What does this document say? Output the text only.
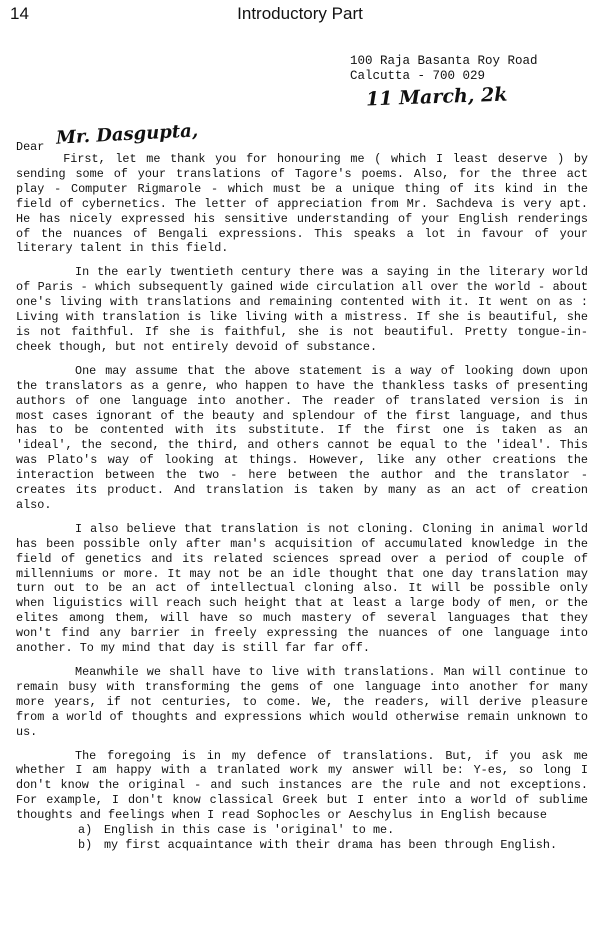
14	Introductory Part
100 Raja Basanta Roy Road
Calcutta - 700 029
11 March, 2k
Dear Mr. Dasgupta,

First, let me thank you for honouring me ( which I least deserve ) by sending some of your translations of Tagore's poems. Also, for the three act play - Computer Rigmarole - which must be a unique thing of its kind in the field of cybernetics. The letter of appreciation from Mr. Sachdeva is very apt. He has nicely expressed his sensitive understanding of your English renderings of the nuances of Bengali expressions. This speaks a lot in favour of your literary talent in this field.

In the early twentieth century there was a saying in the literary world of Paris - which subsequently gained wide circulation all over the world - about one's living with translations and remaining contented with it. It went on as : Living with translation is like living with a mistress. If she is beautiful, she is not faithful. If she is faithful, she is not beautiful. Pretty tongue-in-cheek though, but not entirely devoid of substance.

One may assume that the above statement is a way of looking down upon the translators as a genre, who happen to have the thankless tasks of presenting authors of one language into another. The reader of translated version is in most cases ignorant of the beauty and splendour of the first language, and thus has to be contented with its substitute. If the first one is taken as an 'ideal', the second, the third, and others cannot be equal to the 'ideal'. This was Plato's way of looking at things. However, like any other creations the interaction between the two - here between the author and the translator - creates its product. And translation is taken by many as an act of creation also.

I also believe that translation is not cloning. Cloning in animal world has been possible only after man's acquisition of accumulated knowledge in the field of genetics and its related sciences spread over a period of couple of millenniums or more. It may not be an idle thought that one day translation may turn out to be an act of intellectual cloning also. It will be possible only when liguistics will reach such height that at least a large body of men, or the elites among them, will have so much mastery of several languages that they won't find any barrier in freely expressing the nuances of one language into another. To my mind that day is still far far off.

Meanwhile we shall have to live with translations. Man will continue to remain busy with transforming the gems of one language into another for many more years, if not centuries, to come. We, the readers, will derive pleasure from a world of thoughts and expressions which would otherwise remain unknown to us.

The foregoing is in my defence of translations. But, if you ask me whether I am happy with a tranlated work my answer will be: Y-es, so long I don't know the original - and such instances are the rule and not exceptions. For example, I don't know classical Greek but I enter into a world of sublime thoughts and feelings when I read Sophocles or Aeschylus in English because

a) English in this case is 'original' to me.
b) my first acquaintance with their drama has been through English.
